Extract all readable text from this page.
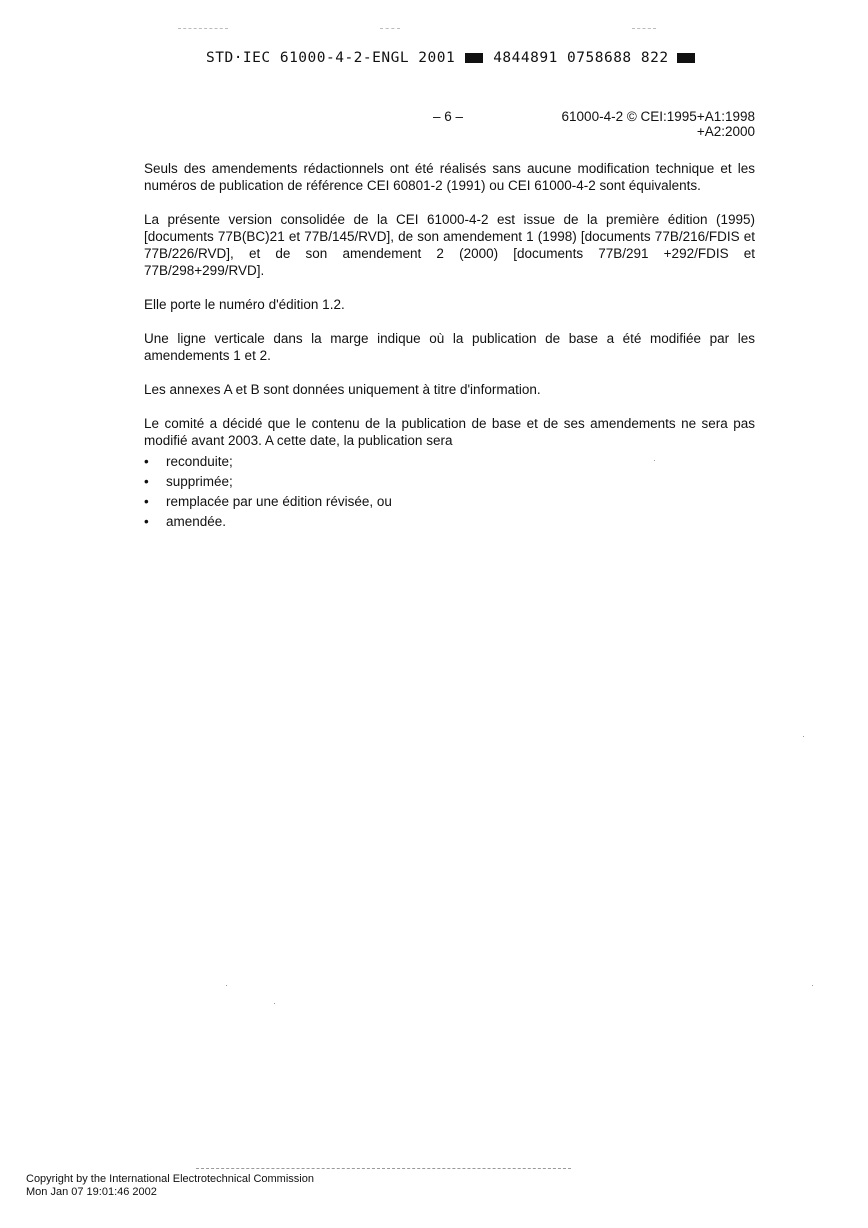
STD·IEC 61000-4-2-ENGL 2001	4844891 0758688 822
– 6 –	61000-4-2 © CEI:1995+A1:1998
+A2:2000

Seuls des amendements rédactionnels ont été réalisés sans aucune modification technique et les numéros de publication de référence CEI 60801-2 (1991) ou CEI 61000-4-2 sont équivalents.

La présente version consolidée de la CEI 61000-4-2 est issue de la première édition (1995) [documents 77B(BC)21 et 77B/145/RVD], de son amendement 1 (1998) [documents 77B/216/FDIS et 77B/226/RVD], et de son amendement 2 (2000) [documents 77B/291 +292/FDIS et 77B/298+299/RVD].

Elle porte le numéro d'édition 1.2.

Une ligne verticale dans la marge indique où la publication de base a été modifiée par les amendements 1 et 2.

Les annexes A et B sont données uniquement à titre d'information.

Le comité a décidé que le contenu de la publication de base et de ses amendements ne sera pas modifié avant 2003. A cette date, la publication sera

• reconduite;
• supprimée;
• remplacée par une édition révisée, ou
• amendée.
Copyright by the International Electrotechnical Commission
Mon Jan 07 19:01:46 2002
